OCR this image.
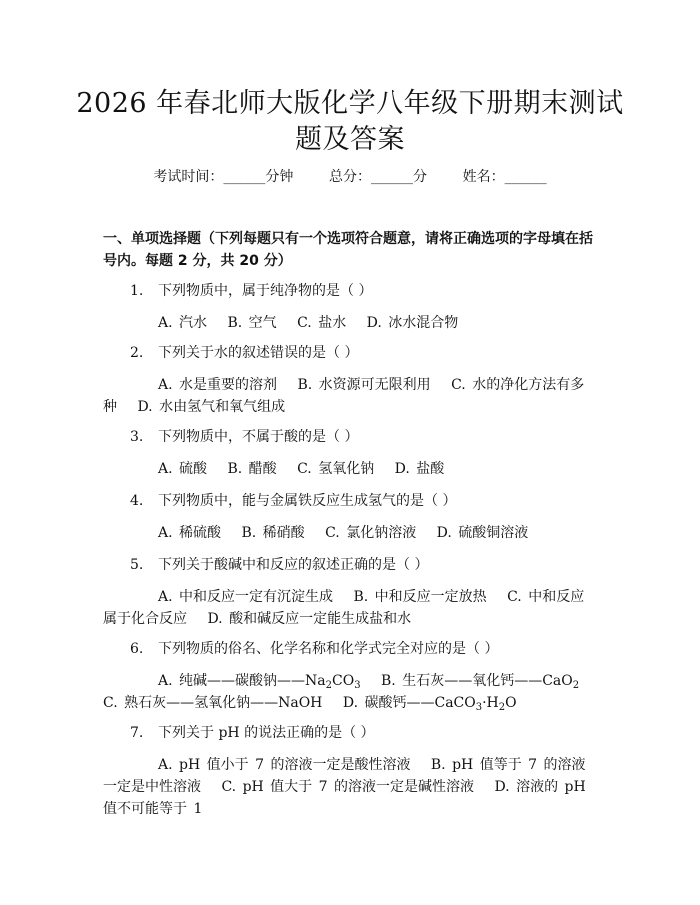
2026 年春北师大版化学八年级下册期末测试
题及答案
考试时间：______分钟	总分：______分	姓名：______
一、单项选择题（下列每题只有一个选项符合题意，请将正确选项的字母填在括号内。每题 2 分，共 20 分）
1. 下列物质中，属于纯净物的是（ ）
A. 汽水　 B. 空气　 C. 盐水　 D. 冰水混合物
2. 下列关于水的叙述错误的是（ ）
A. 水是重要的溶剂　 B. 水资源可无限利用　 C. 水的净化方法有多种　 D. 水由氢气和氧气组成
3. 下列物质中，不属于酸的是（ ）
A. 硫酸　 B. 醋酸　 C. 氢氧化钠　 D. 盐酸
4. 下列物质中，能与金属铁反应生成氢气的是（ ）
A. 稀硫酸　 B. 稀硝酸　 C. 氯化钠溶液　 D. 硫酸铜溶液
5. 下列关于酸碱中和反应的叙述正确的是（ ）
A. 中和反应一定有沉淀生成　 B. 中和反应一定放热　 C. 中和反应属于化合反应　 D. 酸和碱反应一定能生成盐和水
6. 下列物质的俗名、化学名称和化学式完全对应的是（ ）
A. 纯碱——碳酸钠$——Na_2CO_3$　 B. 生石灰——氧化钙——CaO$_2$　 C. 熟石灰——氢氧化钠——NaOH　 D. 碳酸钙$——CaCO_3\cdot H_2O$
7. 下列关于 pH 的说法正确的是（ ）
A. pH 值小于 7 的溶液一定是酸性溶液　 B. pH 值等于 7 的溶液一定是中性溶液　 C. pH 值大于 7 的溶液一定是碱性溶液　 D. 溶液的 pH 值不可能等于 1
